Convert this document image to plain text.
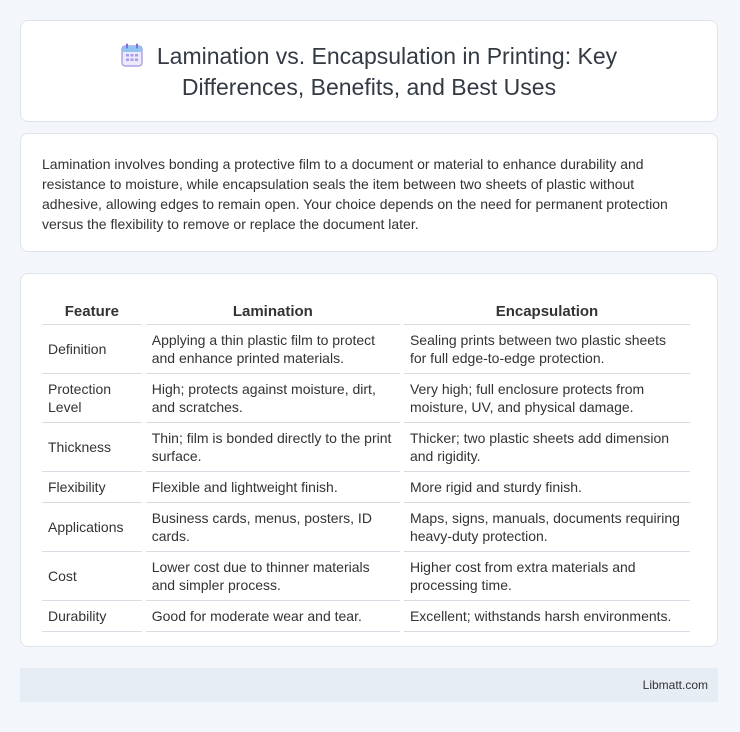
Lamination vs. Encapsulation in Printing: Key Differences, Benefits, and Best Uses
Lamination involves bonding a protective film to a document or material to enhance durability and resistance to moisture, while encapsulation seals the item between two sheets of plastic without adhesive, allowing edges to remain open. Your choice depends on the need for permanent protection versus the flexibility to remove or replace the document later.
Feature	Lamination	Encapsulation
Definition	Applying a thin plastic film to protect and enhance printed materials.	Sealing prints between two plastic sheets for full edge-to-edge protection.
Protection Level	High; protects against moisture, dirt, and scratches.	Very high; full enclosure protects from moisture, UV, and physical damage.
Thickness	Thin; film is bonded directly to the print surface.	Thicker; two plastic sheets add dimension and rigidity.
Flexibility	Flexible and lightweight finish.	More rigid and sturdy finish.
Applications	Business cards, menus, posters, ID cards.	Maps, signs, manuals, documents requiring heavy-duty protection.
Cost	Lower cost due to thinner materials and simpler process.	Higher cost from extra materials and processing time.
Durability	Good for moderate wear and tear.	Excellent; withstands harsh environments.
Libmatt.com
